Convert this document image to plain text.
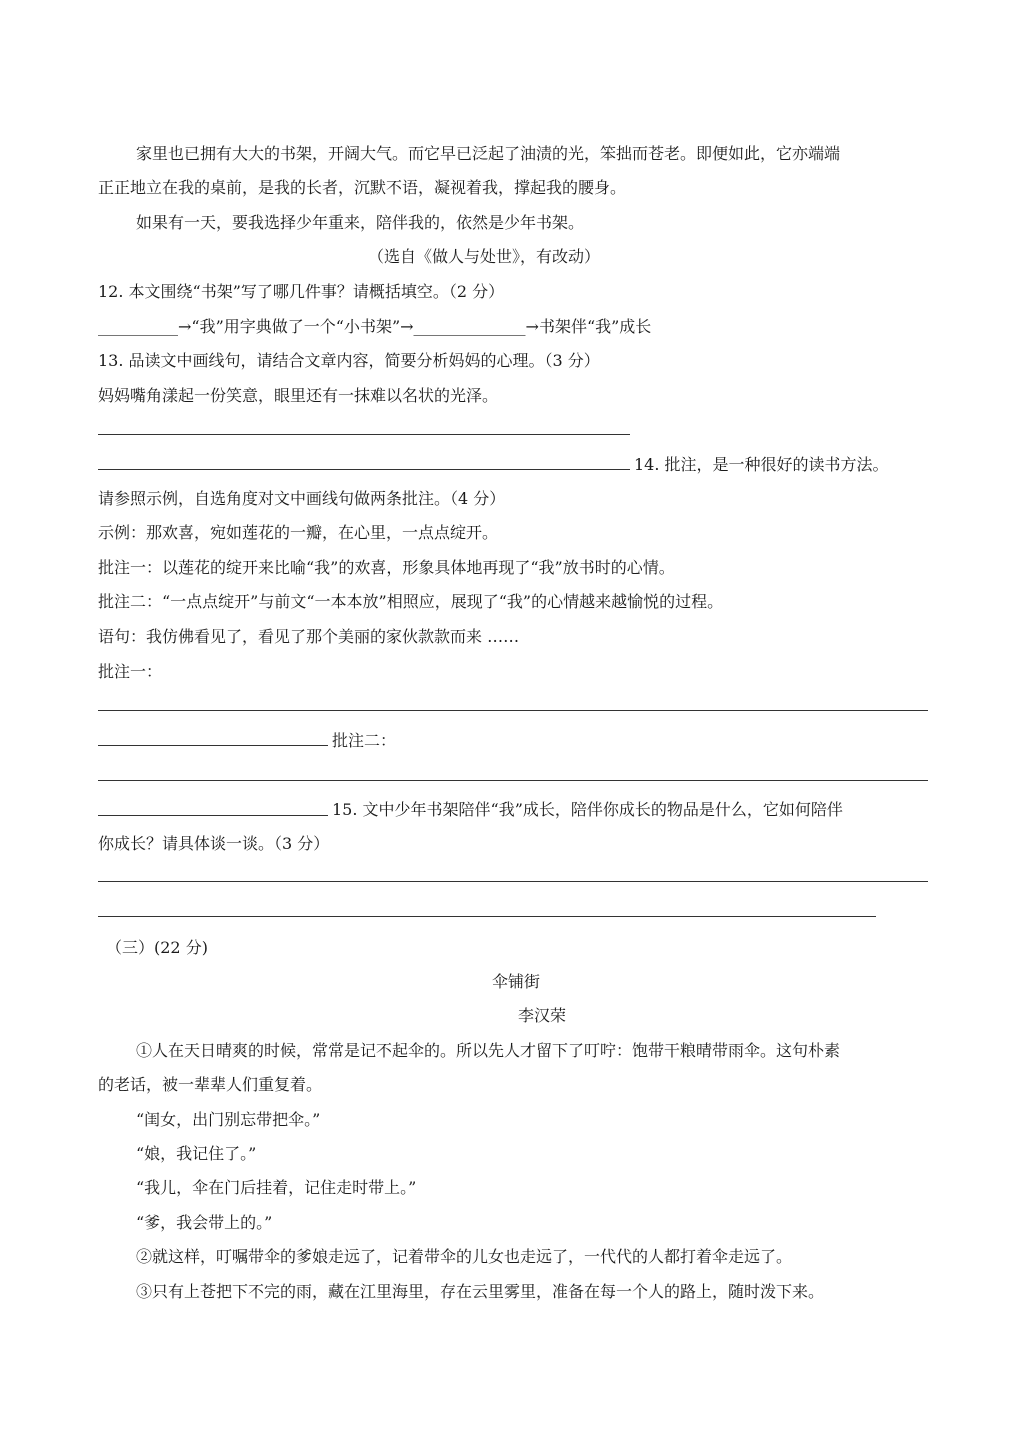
家里也已拥有大大的书架，开阔大气。而它早已泛起了油渍的光，笨拙而苍老。即便如此，它亦端端
正正地立在我的桌前，是我的长者，沉默不语，凝视着我，撑起我的腰身。
如果有一天，要我选择少年重来，陪伴我的，依然是少年书架。
（选自《做人与处世》，有改动）
12. 本文围绕“书架”写了哪几件事？请概括填空。（2 分）
__________→“我”用字典做了一个“小书架”→______________→书架伴“我”成长
13. 品读文中画线句，请结合文章内容，简要分析妈妈的心理。（3 分）
妈妈嘴角漾起一份笑意，眼里还有一抹难以名状的光泽。
14. 批注，是一种很好的读书方法。
请参照示例，自选角度对文中画线句做两条批注。（4 分）
示例：那欢喜，宛如莲花的一瓣，在心里，一点点绽开。
批注一：以莲花的绽开来比喻“我”的欢喜，形象具体地再现了“我”放书时的心情。
批注二：“一点点绽开”与前文“一本本放”相照应，展现了“我”的心情越来越愉悦的过程。
语句：我仿佛看见了，看见了那个美丽的家伙款款而来 ……
批注一：
批注二：
15. 文中少年书架陪伴“我”成长，陪伴你成长的物品是什么，它如何陪伴
你成长？请具体谈一谈。（3 分）
（三）(22 分)
伞铺街
李汉荣
①人在天日晴爽的时候，常常是记不起伞的。所以先人才留下了叮咛：饱带干粮晴带雨伞。这句朴素
的老话，被一辈辈人们重复着。
“闺女，出门别忘带把伞。”
“娘，我记住了。”
“我儿，伞在门后挂着，记住走时带上。”
“爹，我会带上的。”
②就这样，叮嘱带伞的爹娘走远了，记着带伞的儿女也走远了，一代代的人都打着伞走远了。
③只有上苍把下不完的雨，藏在江里海里，存在云里雾里，准备在每一个人的路上，随时泼下来。
